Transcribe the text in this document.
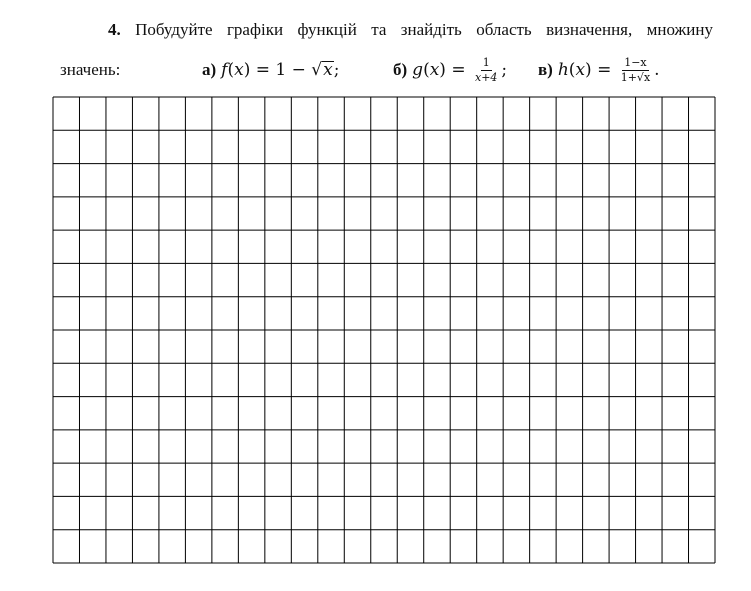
4. Побудуйте графіки функцій та знайдіть область визначення, множину
значень:	а) f(x) = 1 − √ x ;	б) $g(x) = \frac{1}{x+4}$ ; в) $h(x) = \frac{1-x}{1+√x}$ .
